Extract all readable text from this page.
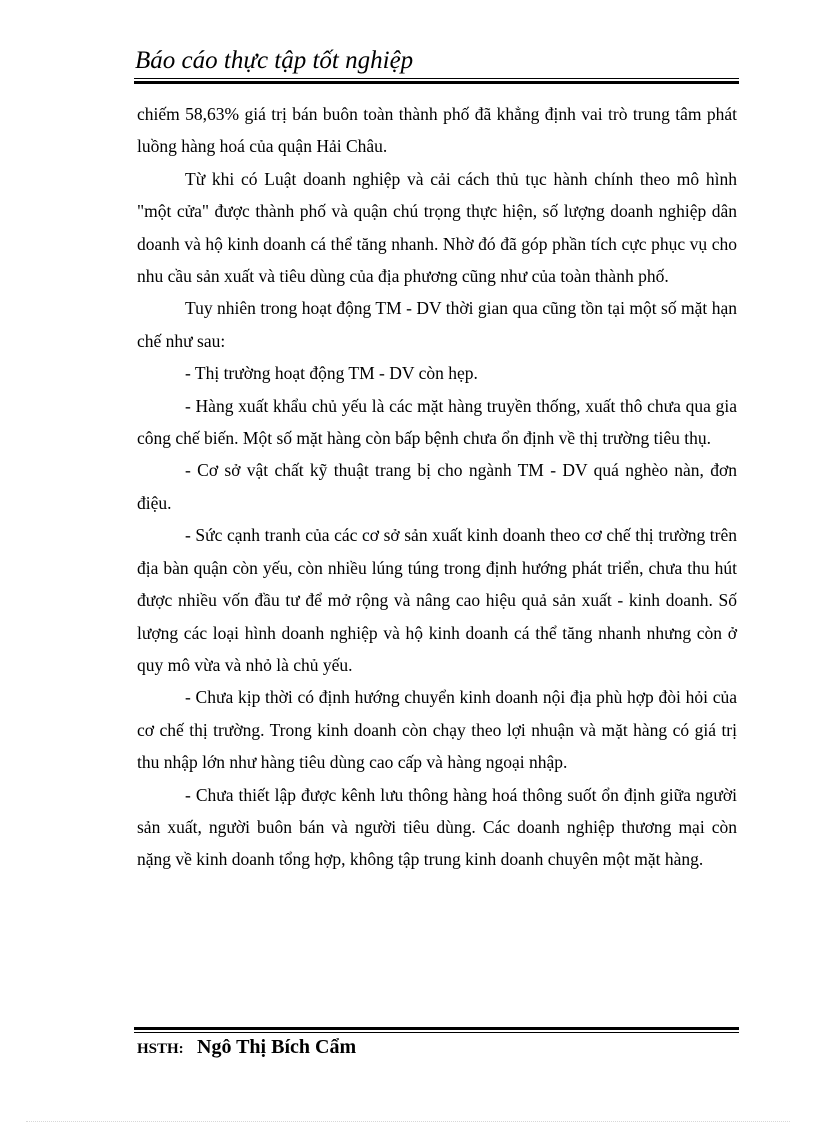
Báo cáo thực tập tốt nghiệp

chiếm 58,63% giá trị bán buôn toàn thành phố đã khẳng định vai trò trung tâm phát luồng hàng hoá của quận Hải Châu.

Từ khi có Luật doanh nghiệp và cải cách thủ tục hành chính theo mô hình "một cửa" được thành phố và quận chú trọng thực hiện, số lượng doanh nghiệp dân doanh và hộ kinh doanh cá thể tăng nhanh. Nhờ đó đã góp phần tích cực phục vụ cho nhu cầu sản xuất và tiêu dùng của địa phương cũng như của toàn thành phố.

Tuy nhiên trong hoạt động TM - DV thời gian qua cũng tồn tại một số mặt hạn chế như sau:

- Thị trường hoạt động TM - DV còn hẹp.

- Hàng xuất khẩu chủ yếu là các mặt hàng truyền thống, xuất thô chưa qua gia công chế biến. Một số mặt hàng còn bấp bệnh chưa ổn định về thị trường tiêu thụ.

- Cơ sở vật chất kỹ thuật trang bị cho ngành TM - DV quá nghèo nàn, đơn điệu.

- Sức cạnh tranh của các cơ sở sản xuất kinh doanh theo cơ chế thị trường trên địa bàn quận còn yếu, còn nhiều lúng túng trong định hướng phát triển, chưa thu hút được nhiều vốn đầu tư để mở rộng và nâng cao hiệu quả sản xuất - kinh doanh. Số lượng các loại hình doanh nghiệp và hộ kinh doanh cá thể tăng nhanh nhưng còn ở quy mô vừa và nhỏ là chủ yếu.

- Chưa kịp thời có định hướng chuyển kinh doanh nội địa phù hợp đòi hỏi của cơ chế thị trường. Trong kinh doanh còn chạy theo lợi nhuận và mặt hàng có giá trị thu nhập lớn như hàng tiêu dùng cao cấp và hàng ngoại nhập.

- Chưa thiết lập được kênh lưu thông hàng hoá thông suốt ổn định giữa người sản xuất, người buôn bán và người tiêu dùng. Các doanh nghiệp thương mại còn nặng về kinh doanh tổng hợp, không tập trung kinh doanh chuyên một mặt hàng.

HSTH: Ngô Thị Bích Cẩm
